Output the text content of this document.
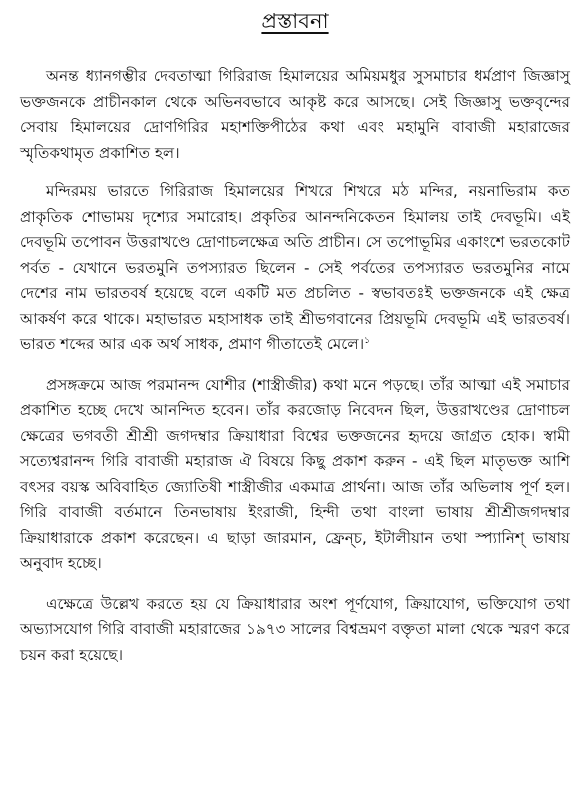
প্রস্তাবনা

অনন্ত ধ্যানগম্ভীর দেবতাত্মা গিরিরাজ হিমালয়ের অমিয়মধুর সুসমাচার ধর্মপ্রাণ জিজ্ঞাসু ভক্তজনকে প্রাচীনকাল থেকে অভিনবভাবে আকৃষ্ট করে আসছে। সেই জিজ্ঞাসু ভক্তবৃন্দের সেবায় হিমালয়ের দ্রোণগিরির মহাশক্তিপীঠের কথা এবং মহামুনি বাবাজী মহারাজের স্মৃতিকথামৃত প্রকাশিত হল।

মন্দিরময় ভারতে গিরিরাজ হিমালয়ের শিখরে শিখরে মঠ মন্দির, নয়নাভিরাম কত প্রাকৃতিক শোভাময় দৃশ্যের সমারোহ। প্রকৃতির আনন্দনিকেতন হিমালয় তাই দেবভূমি। এই দেবভূমি তপোবন উত্তরাখণ্ডে দ্রোণাচলক্ষেত্র অতি প্রাচীন। সে তপোভূমির একাংশে ভরতকোট পর্বত - যেখানে ভরতমুনি তপস্যারত ছিলেন - সেই পর্বতের তপস্যারত ভরতমুনির নামে দেশের নাম ভারতবর্ষ হয়েছে বলে একটি মত প্রচলিত - স্বভাবতঃই ভক্তজনকে এই ক্ষেত্র আকর্ষণ করে থাকে। মহাভারত মহাসাধক তাই শ্রীভগবানের প্রিয়ভূমি দেবভূমি এই ভারতবর্ষ। ভারত শব্দের আর এক অর্থ সাধক, প্রমাণ গীতাতেই মেলে।$^১$

প্রসঙ্গক্রমে আজ পরমানন্দ যোশীর (শাস্ত্রীজীর) কথা মনে পড়ছে। তাঁর আত্মা এই সমাচার প্রকাশিত হচ্ছে দেখে আনন্দিত হবেন। তাঁর করজোড় নিবেদন ছিল, উত্তরাখণ্ডের দ্রোণাচল ক্ষেত্রের ভগবতী শ্রীশ্রী জগদম্বার ক্রিয়াধারা বিশ্বের ভক্তজনের হৃদয়ে জাগ্রত হোক। স্বামী সত্যেশ্বরানন্দ গিরি বাবাজী মহারাজ ঐ বিষয়ে কিছু প্রকাশ করুন - এই ছিল মাতৃভক্ত আশি বৎসর বয়স্ক অবিবাহিত জ্যোতিষী শাস্ত্রীজীর একমাত্র প্রার্থনা। আজ তাঁর অভিলাষ পূর্ণ হল। গিরি বাবাজী বর্তমানে তিনভাষায় ইংরাজী, হিন্দী তথা বাংলা ভাষায় শ্রীশ্রীজগদম্বার ক্রিয়াধারাকে প্রকাশ করেছেন। এ ছাড়া জারমান, ফ্রেন্চ, ইটালীয়ান তথা স্প্যানিশ্ ভাষায় অনুবাদ হচ্ছে।

এক্ষেত্রে উল্লেখ করতে হয় যে ক্রিয়াধারার অংশ পূর্ণযোগ, ক্রিয়াযোগ, ভক্তিযোগ তথা অভ্যাসযোগ গিরি বাবাজী মহারাজের ১৯৭৩ সালের বিশ্বভ্রমণ বক্তৃতা মালা থেকে স্মরণ করে চয়ন করা হয়েছে।
